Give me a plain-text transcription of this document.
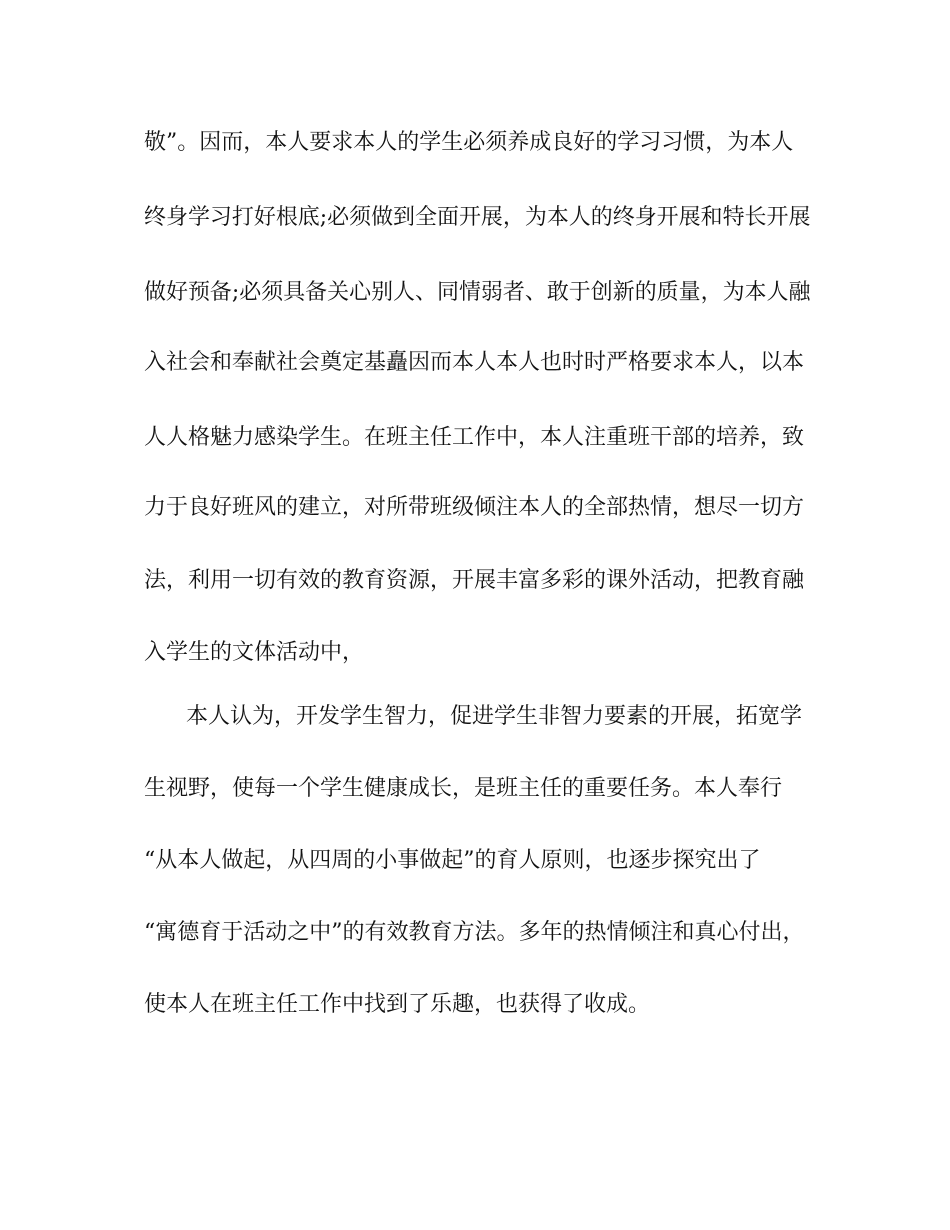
敬”。因而，本人要求本人的学生必须养成良好的学习习惯，为本人

终身学习打好根底;必须做到全面开展，为本人的终身开展和特长开展

做好预备;必须具备关心别人、同情弱者、敢于创新的质量，为本人融

入社会和奉献社会奠定基矗因而本人本人也时时严格要求本人，以本

人人格魅力感染学生。在班主任工作中，本人注重班干部的培养，致

力于良好班风的建立，对所带班级倾注本人的全部热情，想尽一切方

法，利用一切有效的教育资源，开展丰富多彩的课外活动，把教育融

入学生的文体活动中，

本人认为，开发学生智力，促进学生非智力要素的开展，拓宽学

生视野，使每一个学生健康成长，是班主任的重要任务。本人奉行

“从本人做起，从四周的小事做起”的育人原则，也逐步探究出了

“寓德育于活动之中”的有效教育方法。多年的热情倾注和真心付出，

使本人在班主任工作中找到了乐趣，也获得了收成。
